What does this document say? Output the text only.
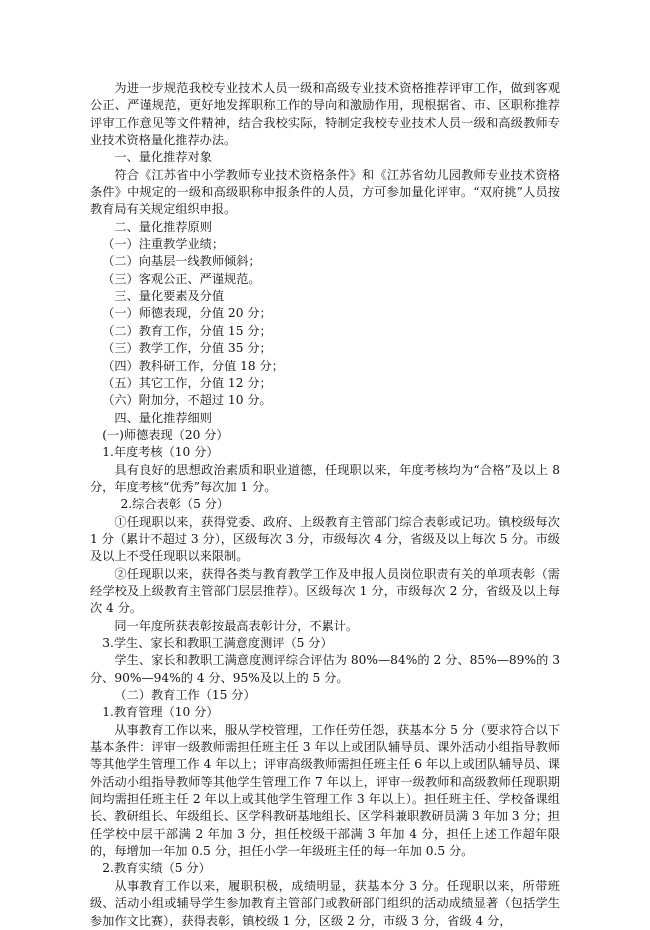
为进一步规范我校专业技术人员一级和高级专业技术资格推荐评审工作，做到客观公正、严谨规范，更好地发挥职称工作的导向和激励作用，现根据省、市、区职称推荐评审工作意见等文件精神，结合我校实际，特制定我校专业技术人员一级和高级教师专业技术资格量化推荐办法。

一、量化推荐对象

符合《江苏省中小学教师专业技术资格条件》和《江苏省幼儿园教师专业技术资格条件》中规定的一级和高级职称申报条件的人员，方可参加量化评审。“双府挑”人员按教育局有关规定组织申报。

二、量化推荐原则

（一）注重教学业绩；

（二）向基层一线教师倾斜；

（三）客观公正、严谨规范。

三、量化要素及分值

（一）师德表现，分值 20 分；

（二）教育工作，分值 15 分；

（三）教学工作，分值 35 分；

（四）教科研工作，分值 18 分；

（五）其它工作，分值 12 分；

（六）附加分，不超过 10 分。

四、量化推荐细则

(一)师德表现（20 分）

1.年度考核（10 分）

具有良好的思想政治素质和职业道德，任现职以来，年度考核均为“合格”及以上 8 分，年度考核“优秀”每次加 1 分。

2.综合表彰（5 分）

①任现职以来，获得党委、政府、上级教育主管部门综合表彰或记功。镇校级每次 1 分（累计不超过 3 分），区级每次 3 分，市级每次 4 分，省级及以上每次 5 分。市级及以上不受任现职以来限制。

②任现职以来，获得各类与教育教学工作及申报人员岗位职责有关的单项表彰（需经学校及上级教育主管部门层层推荐）。区级每次 1 分，市级每次 2 分，省级及以上每次 4 分。

同一年度所获表彰按最高表彰计分，不累计。

3.学生、家长和教职工满意度测评（5 分）

学生、家长和教职工满意度测评综合评估为 80%—84%的 2 分、85%—89%的 3 分、90%—94%的 4 分、95%及以上的 5 分。

（二）教育工作（15 分）

1.教育管理（10 分）

从事教育工作以来，服从学校管理，工作任劳任怨，获基本分 5 分（要求符合以下基本条件：评审一级教师需担任班主任 3 年以上或团队辅导员、课外活动小组指导教师等其他学生管理工作 4 年以上；评审高级教师需担任班主任 6 年以上或团队辅导员、课外活动小组指导教师等其他学生管理工作 7 年以上，评审一级教师和高级教师任现职期间均需担任班主任 2 年以上或其他学生管理工作 3 年以上）。担任班主任、学校备课组长、教研组长、年级组长、区学科教研基地组长、区学科兼职教研员满 3 年加 3 分；担任学校中层干部满 2 年加 3 分，担任校级干部满 3 年加 4 分，担任上述工作超年限的，每增加一年加 0.5 分，担任小学一年级班主任的每一年加 0.5 分。

2.教育实绩（5 分）

从事教育工作以来，履职积极，成绩明显，获基本分 3 分。任现职以来，所带班级、活动小组或辅导学生参加教育主管部门或教研部门组织的活动成绩显著（包括学生参加作文比赛），获得表彰，镇校级 1 分，区级 2 分，市级 3 分，省级 4 分，
